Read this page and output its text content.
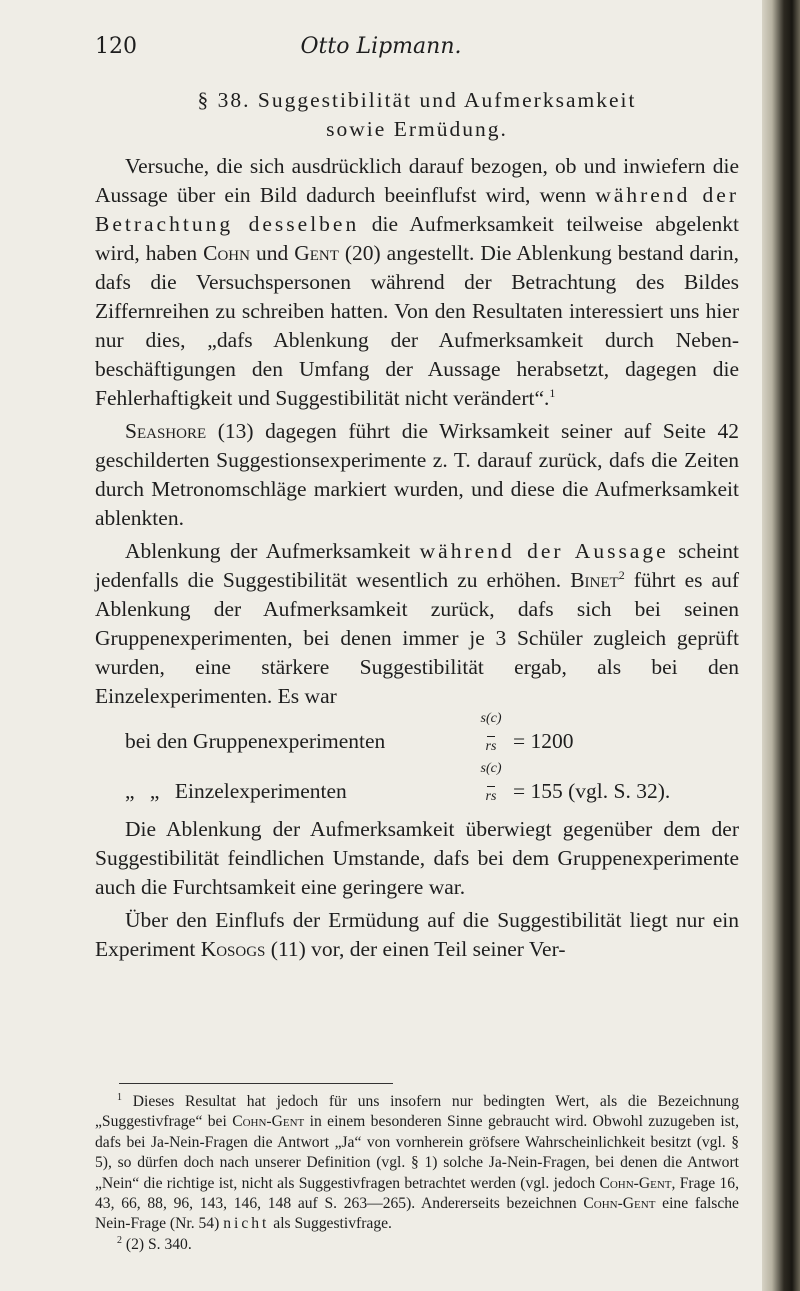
120	Otto Lipmann.
§ 38. Suggestibilität und Aufmerksamkeit
sowie Ermüdung.

Versuche, die sich ausdrücklich darauf bezogen, ob und inwiefern die Aussage über ein Bild dadurch beeinflufst wird, wenn während der Betrachtung desselben die Aufmerksamkeit teilweise abgelenkt wird, haben Cohn und Gent (20) angestellt. Die Ablenkung bestand darin, dafs die Versuchspersonen während der Betrachtung des Bildes Ziffernreihen zu schreiben hatten. Von den Resultaten interessiert uns hier nur dies, „dafs Ablenkung der Aufmerksamkeit durch Nebenbeschäftigungen den Umfang der Aussage herabsetzt, dagegen die Fehlerhaftigkeit und Suggestibilität nicht verändert“.$^1$

Seashore (13) dagegen führt die Wirksamkeit seiner auf Seite 42 geschilderten Suggestionsexperimente z. T. darauf zurück, dafs die Zeiten durch Metronomschläge markiert wurden, und diese die Aufmerksamkeit ablenkten.

Ablenkung der Aufmerksamkeit während der Aussage scheint jedenfalls die Suggestibilität wesentlich zu erhöhen. Binet$^2$ führt es auf Ablenkung der Aufmerksamkeit zurück, dafs sich bei seinen Gruppenexperimenten, bei denen immer je 3 Schüler zugleich geprüft wurden, eine stärkere Suggestibilität ergab, als bei den Einzelexperimenten. Es war

bei den Gruppenexperimenten
s(c)
rs = 1200
„ „ Einzelexperimenten
s(c)
rs = 155 (vgl. S. 32).

Die Ablenkung der Aufmerksamkeit überwiegt gegenüber dem der Suggestibilität feindlichen Umstande, dafs bei dem Gruppenexperimente auch die Furchtsamkeit eine geringere war.

Über den Einflufs der Ermüdung auf die Suggestibilität liegt nur ein Experiment Kosogs (11) vor, der einen Teil seiner Ver-

$^1$ Dieses Resultat hat jedoch für uns insofern nur bedingten Wert, als die Bezeichnung „Suggestivfrage“ bei Cohn-Gent in einem besonderen Sinne gebraucht wird. Obwohl zuzugeben ist, dafs bei Ja-Nein-Fragen die Antwort „Ja“ von vornherein gröfsere Wahrscheinlichkeit besitzt (vgl. § 5), so dürfen doch nach unserer Definition (vgl. § 1) solche Ja-Nein-Fragen, bei denen die Antwort „Nein“ die richtige ist, nicht als Suggestivfragen betrachtet werden (vgl. jedoch Cohn-Gent, Frage 16, 43, 66, 88, 96, 143, 146, 148 auf S. 263—265). Andererseits bezeichnen Cohn-Gent eine falsche Nein-Frage (Nr. 54) nicht als Suggestivfrage.

$^2$ (2) S. 340.
